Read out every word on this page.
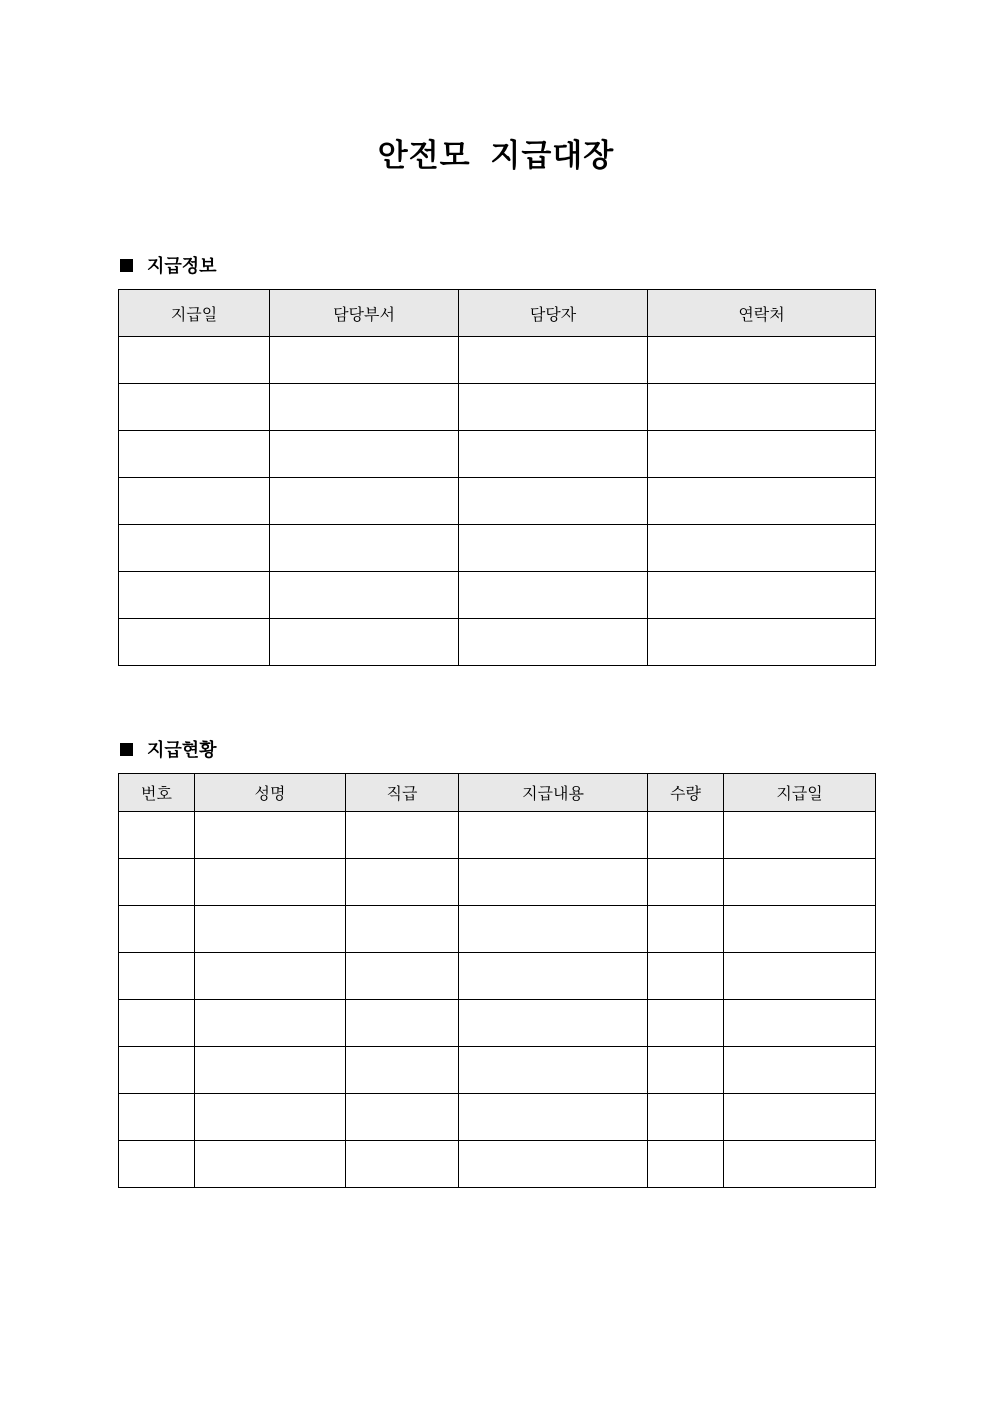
안전모 지급대장
지급정보
지급일	담당부서	담당자	연락처

지급현황
번호	성명	직급	지급내용	수량	지급일
